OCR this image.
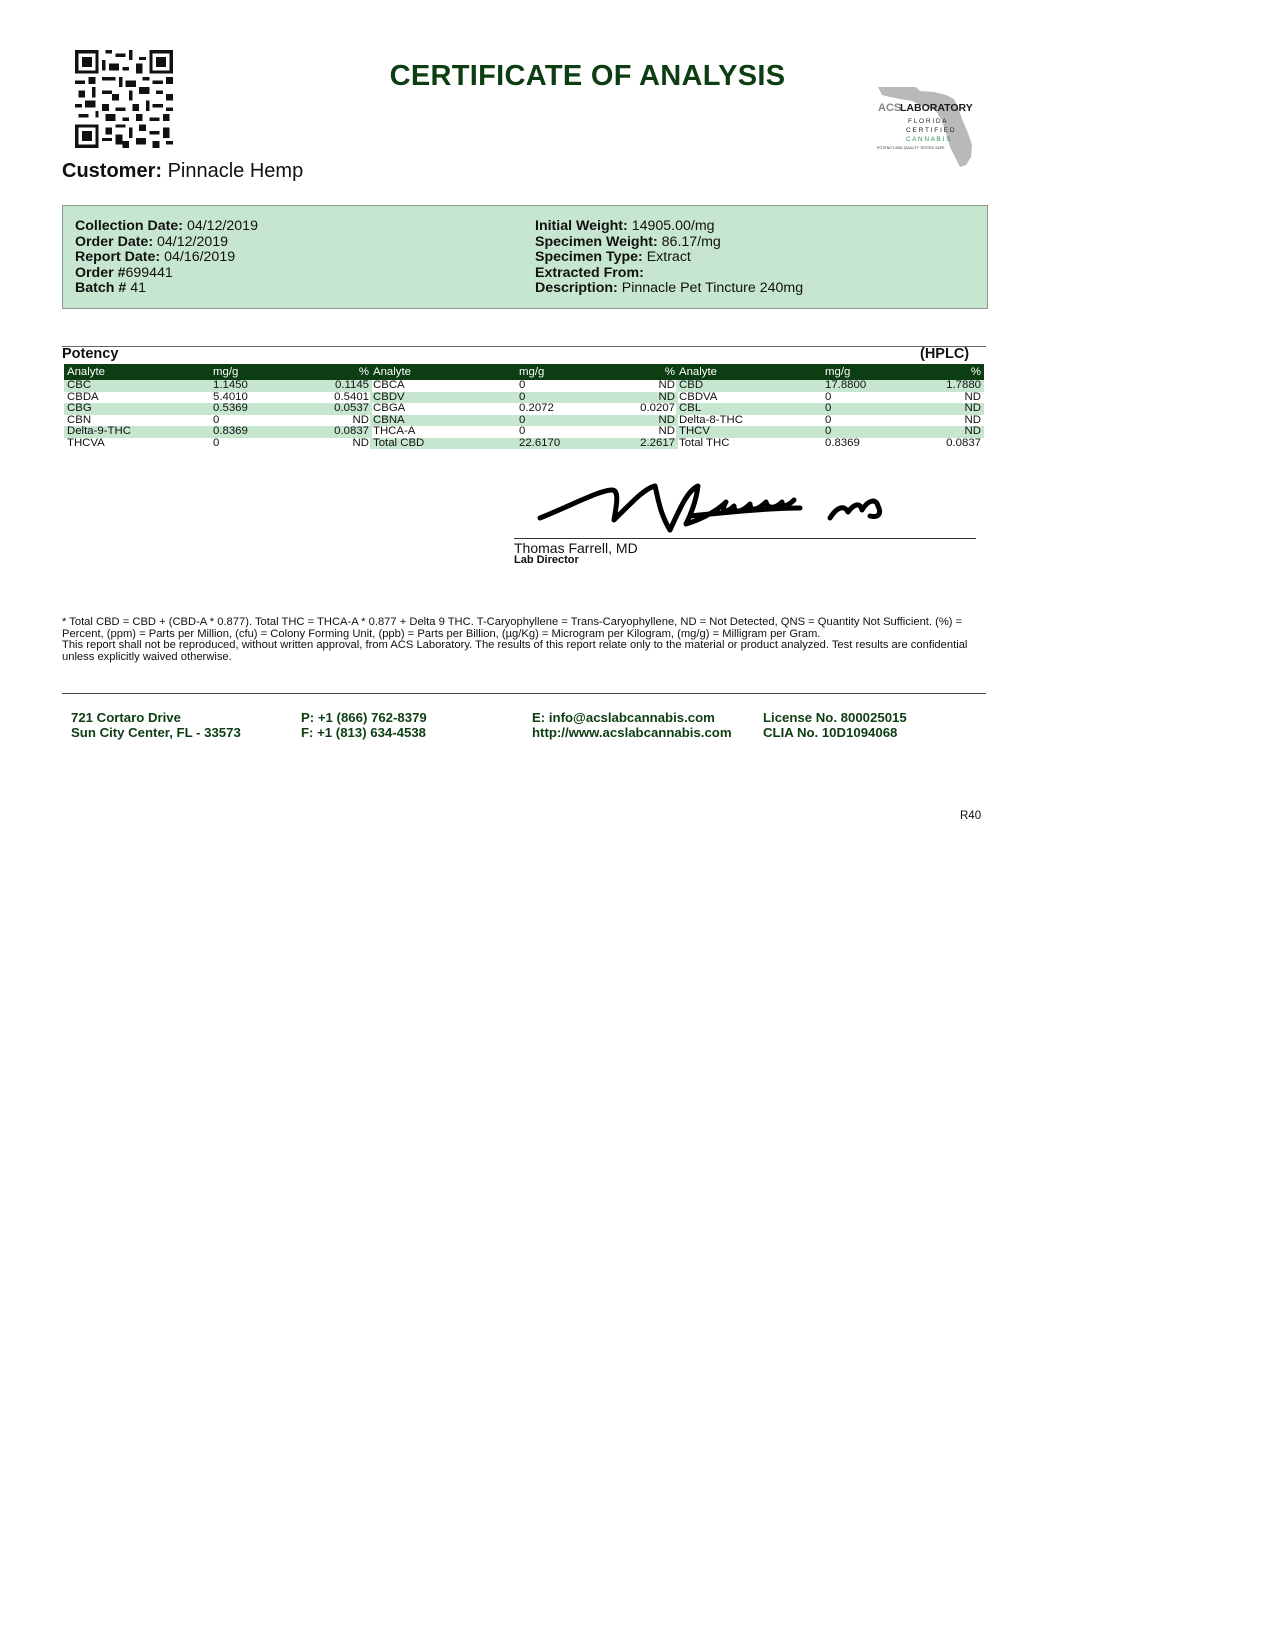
CERTIFICATE OF ANALYSIS
ACS
LABORATORY
F L O R I D A
C E R T I F I E D
C A N N A B I S
POTENCY AND QUALITY TESTED SAFE
Customer: Pinnacle Hemp
Collection Date: 04/12/2019
Order Date: 04/12/2019
Report Date: 04/16/2019
Order #699441
Batch # 41
Initial Weight: 14905.00/mg
Specimen Weight: 86.17/mg
Specimen Type: Extract
Extracted From:
Description: Pinnacle Pet Tincture 240mg
Potency	(HPLC)
Analyte	mg/g	%
CBC	1.1450	0.1145
CBDA	5.4010	0.5401
CBG	0.5369	0.0537
CBN	0	ND
Delta-9-THC	0.8369	0.0837
THCVA	0	ND
Analyte	mg/g	%
CBCA	0	ND
CBDV	0	ND
CBGA	0.2072	0.0207
CBNA	0	ND
THCA-A	0	ND
Total CBD	22.6170	2.2617
Analyte	mg/g	%
CBD	17.8800	1.7880
CBDVA	0	ND
CBL	0	ND
Delta-8-THC	0	ND
THCV	0	ND
Total THC	0.8369	0.0837
Thomas Farrell, MD
Lab Director

* Total CBD = CBD + (CBD-A * 0.877). Total THC = THCA-A * 0.877 + Delta 9 THC. T-Caryophyllene = Trans-Caryophyllene, ND = Not Detected, QNS = Quantity Not Sufficient. (%) = Percent, (ppm) = Parts per Million, (cfu) = Colony Forming Unit, (ppb) = Parts per Billion, (µg/Kg) = Microgram per Kilogram, (mg/g) = Milligram per Gram.

This report shall not be reproduced, without written approval, from ACS Laboratory. The results of this report relate only to the material or product analyzed. Test results are confidential unless explicitly waived otherwise.

721 Cortaro Drive
Sun City Center, FL - 33573
P: +1 (866) 762-8379
F: +1 (813) 634-4538
E: info@acslabcannabis.com
http://www.acslabcannabis.com
License No. 800025015
CLIA No. 10D1094068
R40
